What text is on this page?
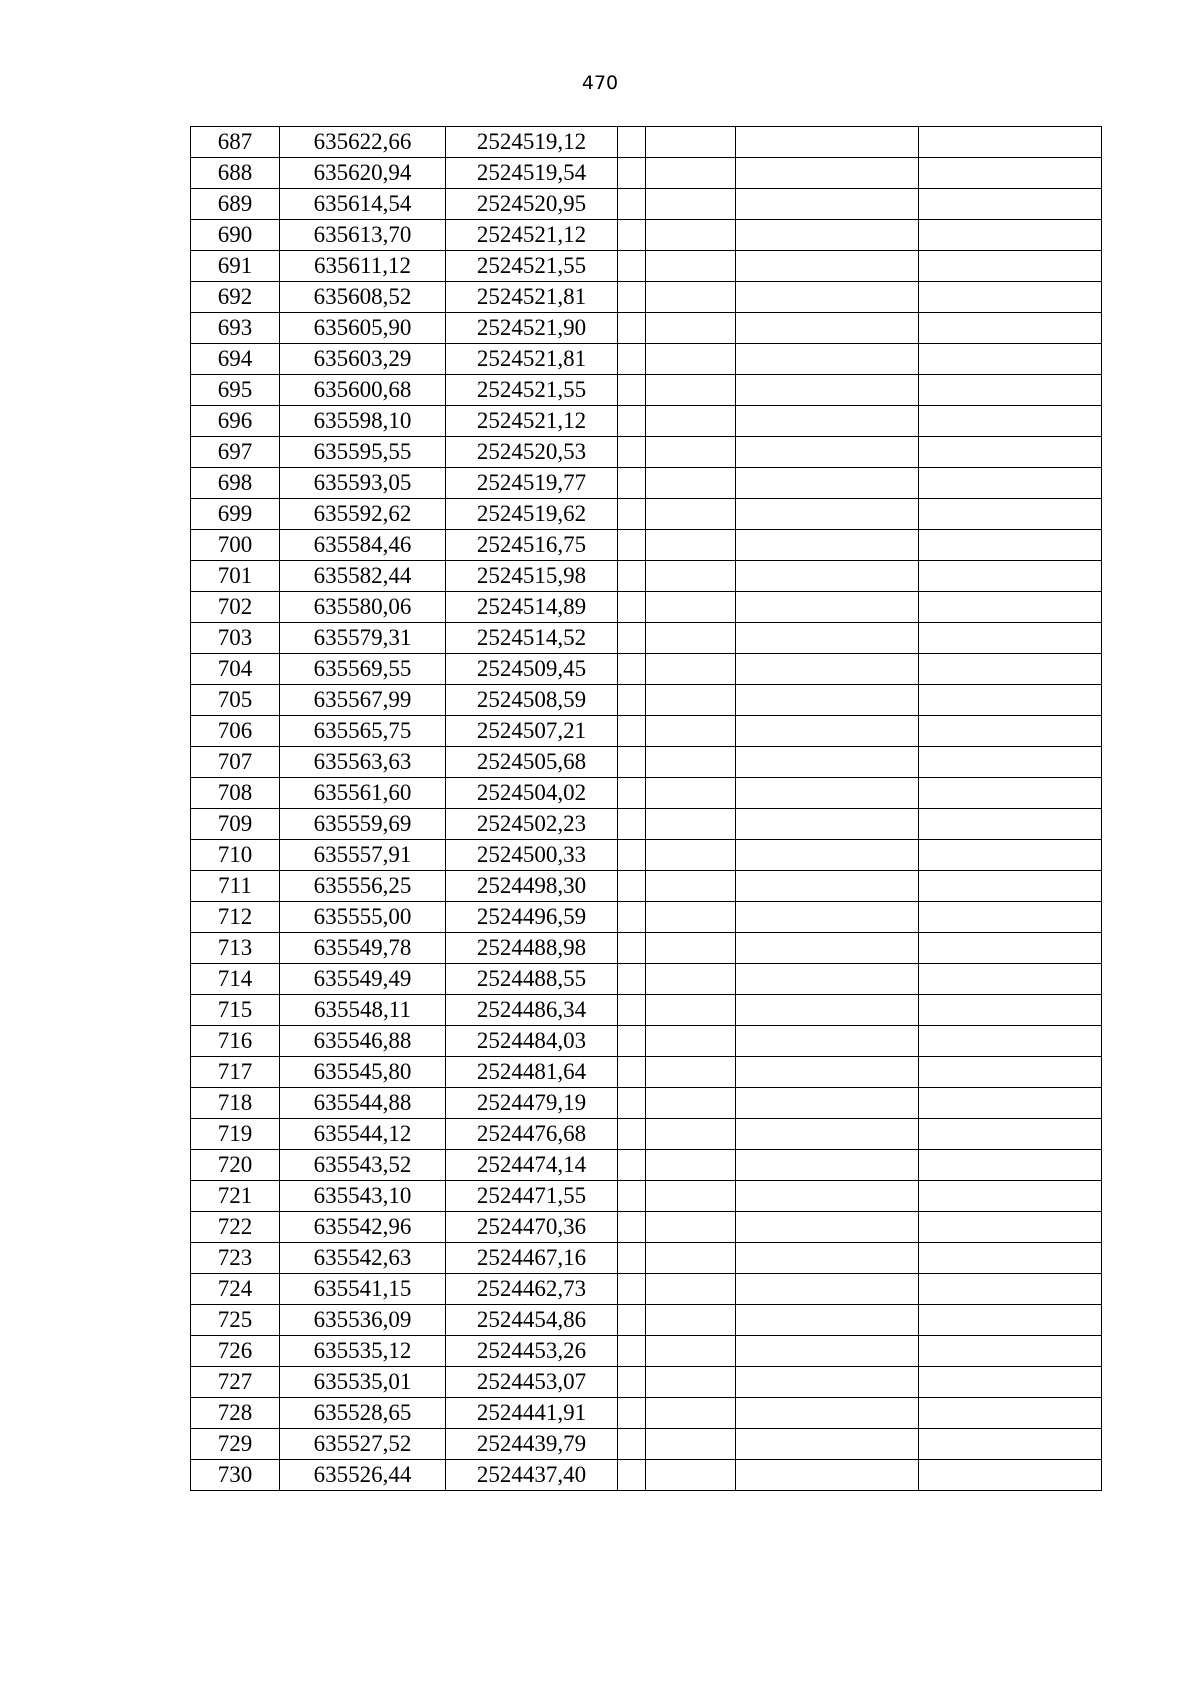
470
687	635622,66	2524519,12				
688	635620,94	2524519,54				
689	635614,54	2524520,95				
690	635613,70	2524521,12				
691	635611,12	2524521,55				
692	635608,52	2524521,81				
693	635605,90	2524521,90				
694	635603,29	2524521,81				
695	635600,68	2524521,55				
696	635598,10	2524521,12				
697	635595,55	2524520,53				
698	635593,05	2524519,77				
699	635592,62	2524519,62				
700	635584,46	2524516,75				
701	635582,44	2524515,98				
702	635580,06	2524514,89				
703	635579,31	2524514,52				
704	635569,55	2524509,45				
705	635567,99	2524508,59				
706	635565,75	2524507,21				
707	635563,63	2524505,68				
708	635561,60	2524504,02				
709	635559,69	2524502,23				
710	635557,91	2524500,33				
711	635556,25	2524498,30				
712	635555,00	2524496,59				
713	635549,78	2524488,98				
714	635549,49	2524488,55				
715	635548,11	2524486,34				
716	635546,88	2524484,03				
717	635545,80	2524481,64				
718	635544,88	2524479,19				
719	635544,12	2524476,68				
720	635543,52	2524474,14				
721	635543,10	2524471,55				
722	635542,96	2524470,36				
723	635542,63	2524467,16				
724	635541,15	2524462,73				
725	635536,09	2524454,86				
726	635535,12	2524453,26				
727	635535,01	2524453,07				
728	635528,65	2524441,91				
729	635527,52	2524439,79				
730	635526,44	2524437,40				
